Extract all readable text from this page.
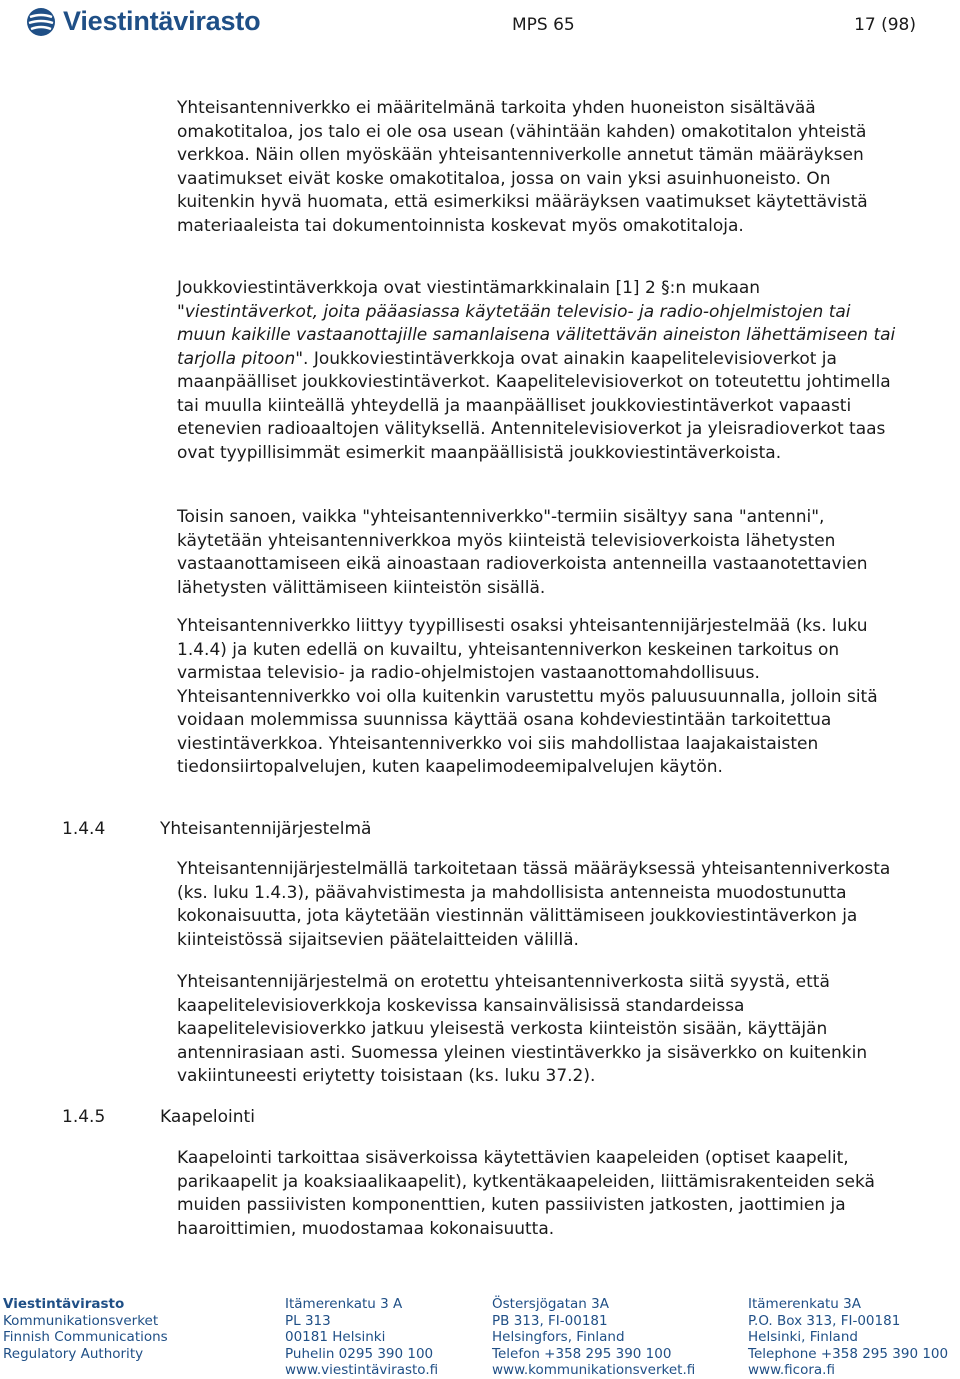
Viestintävirasto	MPS 65	17 (98)

Yhteisantenniverkko ei määritelmänä tarkoita yhden huoneiston sisältävää omakotitaloa, jos talo ei ole osa usean (vähintään kahden) omakotitalon yhteistä verkkoa. Näin ollen myöskään yhteisantenniverkolle annetut tämän määräyksen vaatimukset eivät koske omakotitaloa, jossa on vain yksi asuinhuoneisto. On kuitenkin hyvä huomata, että esimerkiksi määräyksen vaatimukset käytettävistä materiaaleista tai dokumentoinnista koskevat myös omakotitaloja.

Joukkoviestintäverkkoja ovat viestintämarkkinalain [1] 2 §:n mukaan "viestintäverkot, joita pääasiassa käytetään televisio- ja radio-ohjelmistojen tai muun kaikille vastaanottajille samanlaisena välitettävän aineiston lähettämiseen tai tarjolla pitoon". Joukkoviestintäverkkoja ovat ainakin kaapelitelevisioverkot ja maanpäälliset joukkoviestintäverkot. Kaapelitelevisioverkot on toteutettu johtimella tai muulla kiinteällä yhteydellä ja maanpäälliset joukkoviestintäverkot vapaasti etenevien radioaaltojen välityksellä. Antennitelevisioverkot ja yleisradioverkot taas ovat tyypillisimmät esimerkit maanpäällisistä joukkoviestintäverkoista.

Toisin sanoen, vaikka "yhteisantenniverkko"-termiin sisältyy sana "antenni", käytetään yhteisantenniverkkoa myös kiinteistä televisioverkoista lähetysten vastaanottamiseen eikä ainoastaan radioverkoista antenneilla vastaanotettavien lähetysten välittämiseen kiinteistön sisällä.

Yhteisantenniverkko liittyy tyypillisesti osaksi yhteisantennijärjestelmää (ks. luku 1.4.4) ja kuten edellä on kuvailtu, yhteisantenniverkon keskeinen tarkoitus on varmistaa televisio- ja radio-ohjelmistojen vastaanottomahdollisuus. Yhteisantenniverkko voi olla kuitenkin varustettu myös paluusuunnalla, jolloin sitä voidaan molemmissa suunnissa käyttää osana kohdeviestintään tarkoitettua viestintäverkkoa. Yhteisantenniverkko voi siis mahdollistaa laajakaistaisten tiedonsiirtopalvelujen, kuten kaapelimodeemipalvelujen käytön.

1.4.4	Yhteisantennijärjestelmä

Yhteisantennijärjestelmällä tarkoitetaan tässä määräyksessä yhteisantenniverkosta (ks. luku 1.4.3), päävahvistimesta ja mahdollisista antenneista muodostunutta kokonaisuutta, jota käytetään viestinnän välittämiseen joukkoviestintäverkon ja kiinteistössä sijaitsevien päätelaitteiden välillä.

Yhteisantennijärjestelmä on erotettu yhteisantenniverkosta siitä syystä, että kaapelitelevisioverkkoja koskevissa kansainvälisissä standardeissa kaapelitelevisioverkko jatkuu yleisestä verkosta kiinteistön sisään, käyttäjän antennirasiaan asti. Suomessa yleinen viestintäverkko ja sisäverkko on kuitenkin vakiintuneesti eriytetty toisistaan (ks. luku 37.2).

1.4.5	Kaapelointi

Kaapelointi tarkoittaa sisäverkoissa käytettävien kaapeleiden (optiset kaapelit, parikaapelit ja koaksiaalikaapelit), kytkentäkaapeleiden, liittämisrakenteiden sekä muiden passiivisten komponenttien, kuten passiivisten jatkosten, jaottimien ja haaroittimien, muodostamaa kokonaisuutta.

Viestintävirasto
Kommunikationsverket
Finnish Communications
Regulatory Authority
Itämerenkatu 3 A
PL 313
00181 Helsinki
Puhelin 0295 390 100
www.viestintävirasto.fi
Östersjögatan 3A
PB 313, FI-00181
Helsingfors, Finland
Telefon +358 295 390 100
www.kommunikationsverket.fi
Itämerenkatu 3A
P.O. Box 313, FI-00181
Helsinki, Finland
Telephone +358 295 390 100
www.ficora.fi
